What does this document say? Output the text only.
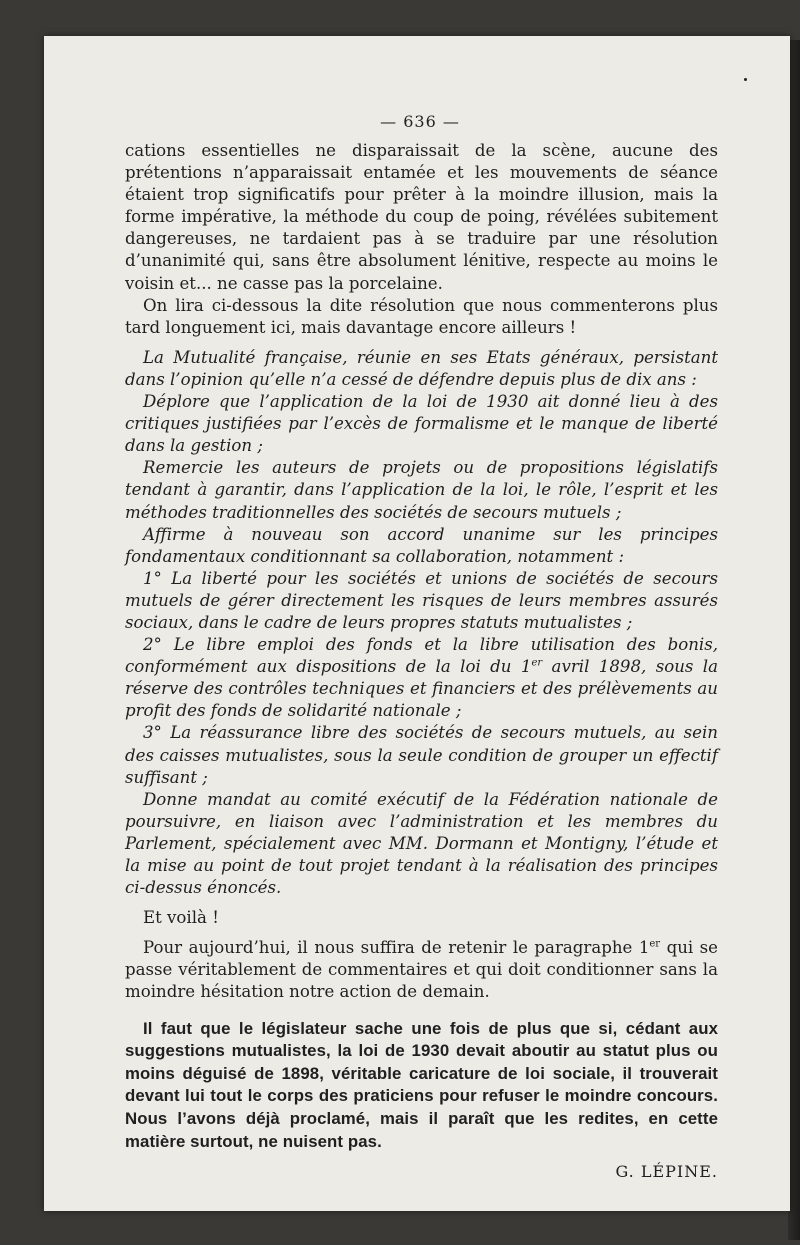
— 636 —

cations essentielles ne disparaissait de la scène, aucune des prétentions n’apparaissait entamée et les mouvements de séance étaient trop significatifs pour prêter à la moindre illusion, mais la forme impérative, la méthode du coup de poing, révélées subitement dangereuses, ne tardaient pas à se traduire par une résolution d’unanimité qui, sans être absolument lénitive, respecte au moins le voisin et... ne casse pas la porcelaine.

On lira ci-dessous la dite résolution que nous commenterons plus tard longuement ici, mais davantage encore ailleurs !

La Mutualité française, réunie en ses Etats généraux, persistant dans l’opinion qu’elle n’a cessé de défendre depuis plus de dix ans :

Déplore que l’application de la loi de 1930 ait donné lieu à des critiques justifiées par l’excès de formalisme et le manque de liberté dans la gestion ;

Remercie les auteurs de projets ou de propositions législatifs tendant à garantir, dans l’application de la loi, le rôle, l’esprit et les méthodes traditionnelles des sociétés de secours mutuels ;

Affirme à nouveau son accord unanime sur les principes fondamentaux conditionnant sa collaboration, notamment :

1° La liberté pour les sociétés et unions de sociétés de secours mutuels de gérer directement les risques de leurs membres assurés sociaux, dans le cadre de leurs propres statuts mutualistes ;

2° Le libre emploi des fonds et la libre utilisation des bonis, conformément aux dispositions de la loi du 1er avril 1898, sous la réserve des contrôles techniques et financiers et des prélèvements au profit des fonds de solidarité nationale ;

3° La réassurance libre des sociétés de secours mutuels, au sein des caisses mutualistes, sous la seule condition de grouper un effectif suffisant ;

Donne mandat au comité exécutif de la Fédération nationale de poursuivre, en liaison avec l’administration et les membres du Parlement, spécialement avec MM. Dormann et Montigny, l’étude et la mise au point de tout projet tendant à la réalisation des principes ci-dessus énoncés.

Et voilà !

Pour aujourd’hui, il nous suffira de retenir le paragraphe 1er qui se passe véritablement de commentaires et qui doit conditionner sans la moindre hésitation notre action de demain.

Il faut que le législateur sache une fois de plus que si, cédant aux suggestions mutualistes, la loi de 1930 devait aboutir au statut plus ou moins déguisé de 1898, véritable caricature de loi sociale, il trouverait devant lui tout le corps des praticiens pour refuser le moindre concours. Nous l’avons déjà proclamé, mais il paraît que les redites, en cette matière surtout, ne nuisent pas.

G. LÉPINE.
